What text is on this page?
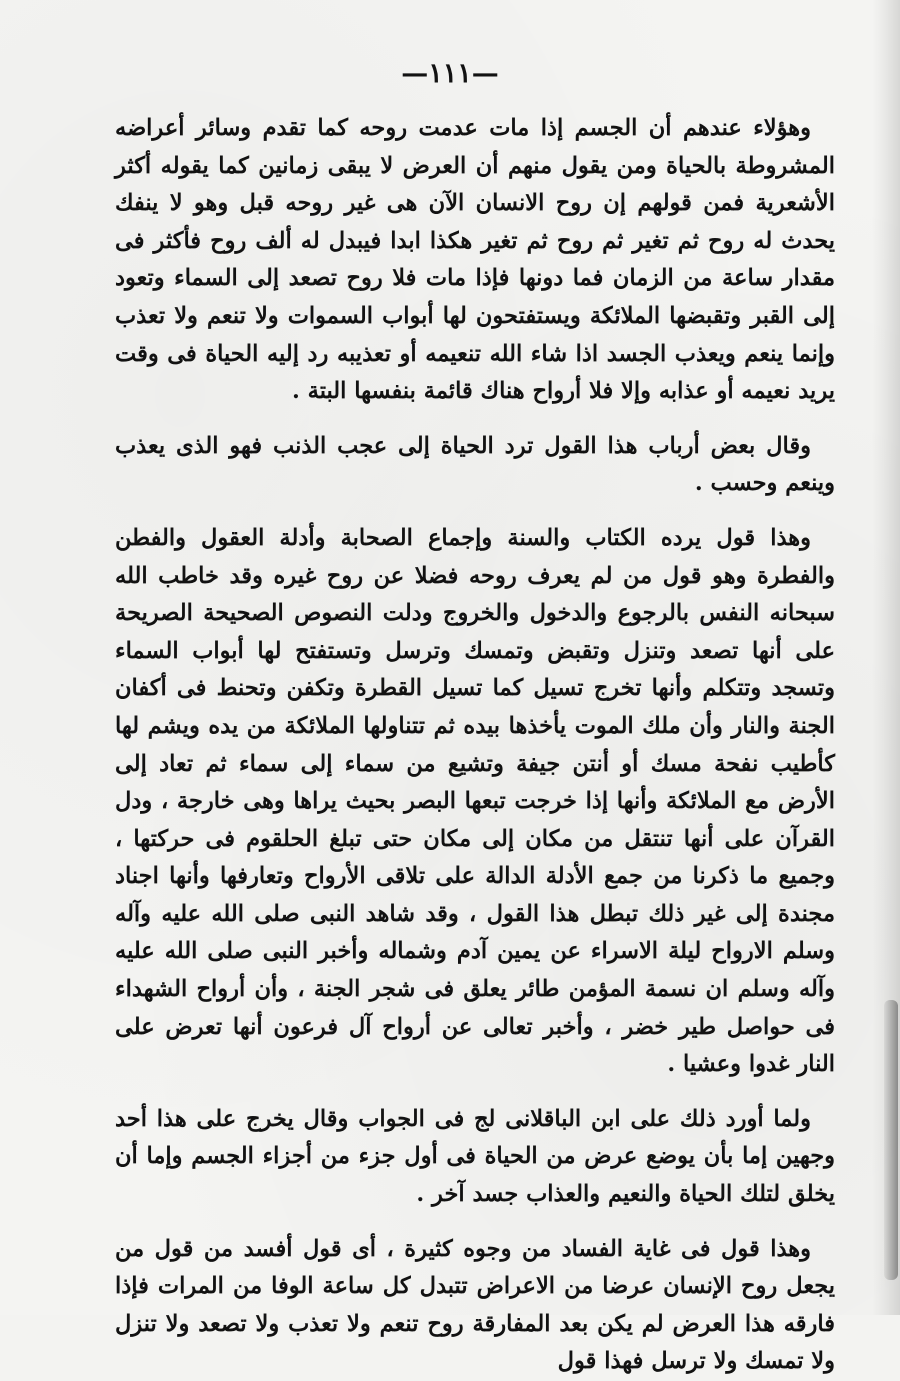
—١١١—

وهؤلاء عندهم أن الجسم إذا مات عدمت روحه كما تقدم وسائر أعراضه المشروطة بالحياة ومن يقول منهم أن العرض لا يبقى زمانين كما يقوله أكثر الأشعرية فمن قولهم إن روح الانسان الآن هى غير روحه قبل وهو لا ينفك يحدث له روح ثم تغير ثم روح ثم تغير هكذا ابدا فيبدل له ألف روح فأكثر فى مقدار ساعة من الزمان فما دونها فإذا مات فلا روح تصعد إلى السماء وتعود إلى القبر وتقبضها الملائكة ويستفتحون لها أبواب السموات ولا تنعم ولا تعذب وإنما ينعم ويعذب الجسد اذا شاء الله تنعيمه أو تعذيبه رد إليه الحياة فى وقت يريد نعيمه أو عذابه وإلا فلا أرواح هناك قائمة بنفسها البتة .

وقال بعض أرباب هذا القول ترد الحياة إلى عجب الذنب فهو الذى يعذب وينعم وحسب .

وهذا قول يرده الكتاب والسنة وإجماع الصحابة وأدلة العقول والفطن والفطرة وهو قول من لم يعرف روحه فضلا عن روح غيره وقد خاطب الله سبحانه النفس بالرجوع والدخول والخروج ودلت النصوص الصحيحة الصريحة على أنها تصعد وتنزل وتقبض وتمسك وترسل وتستفتح لها أبواب السماء وتسجد وتتكلم وأنها تخرج تسيل كما تسيل القطرة وتكفن وتحنط فى أكفان الجنة والنار وأن ملك الموت يأخذها بيده ثم تتناولها الملائكة من يده ويشم لها كأطيب نفحة مسك أو أنتن جيفة وتشيع من سماء إلى سماء ثم تعاد إلى الأرض مع الملائكة وأنها إذا خرجت تبعها البصر بحيث يراها وهى خارجة ، ودل القرآن على أنها تنتقل من مكان إلى مكان حتى تبلغ الحلقوم فى حركتها ، وجميع ما ذكرنا من جمع الأدلة الدالة على تلاقى الأرواح وتعارفها وأنها اجناد مجندة إلى غير ذلك تبطل هذا القول ، وقد شاهد النبى صلى الله عليه وآله وسلم الارواح ليلة الاسراء عن يمين آدم وشماله وأخبر النبى صلى الله عليه وآله وسلم ان نسمة المؤمن طائر يعلق فى شجر الجنة ، وأن أرواح الشهداء فى حواصل طير خضر ، وأخبر تعالى عن أرواح آل فرعون أنها تعرض على النار غدوا وعشيا .

ولما أورد ذلك على ابن الباقلانى لج فى الجواب وقال يخرج على هذا أحد وجهين إما بأن يوضع عرض من الحياة فى أول جزء من أجزاء الجسم وإما أن يخلق لتلك الحياة والنعيم والعذاب جسد آخر .

وهذا قول فى غاية الفساد من وجوه كثيرة ، أى قول أفسد من قول من يجعل روح الإنسان عرضا من الاعراض تتبدل كل ساعة الوفا من المرات فإذا فارقه هذا العرض لم يكن بعد المفارقة روح تنعم ولا تعذب ولا تصعد ولا تنزل ولا تمسك ولا ترسل فهذا قول
